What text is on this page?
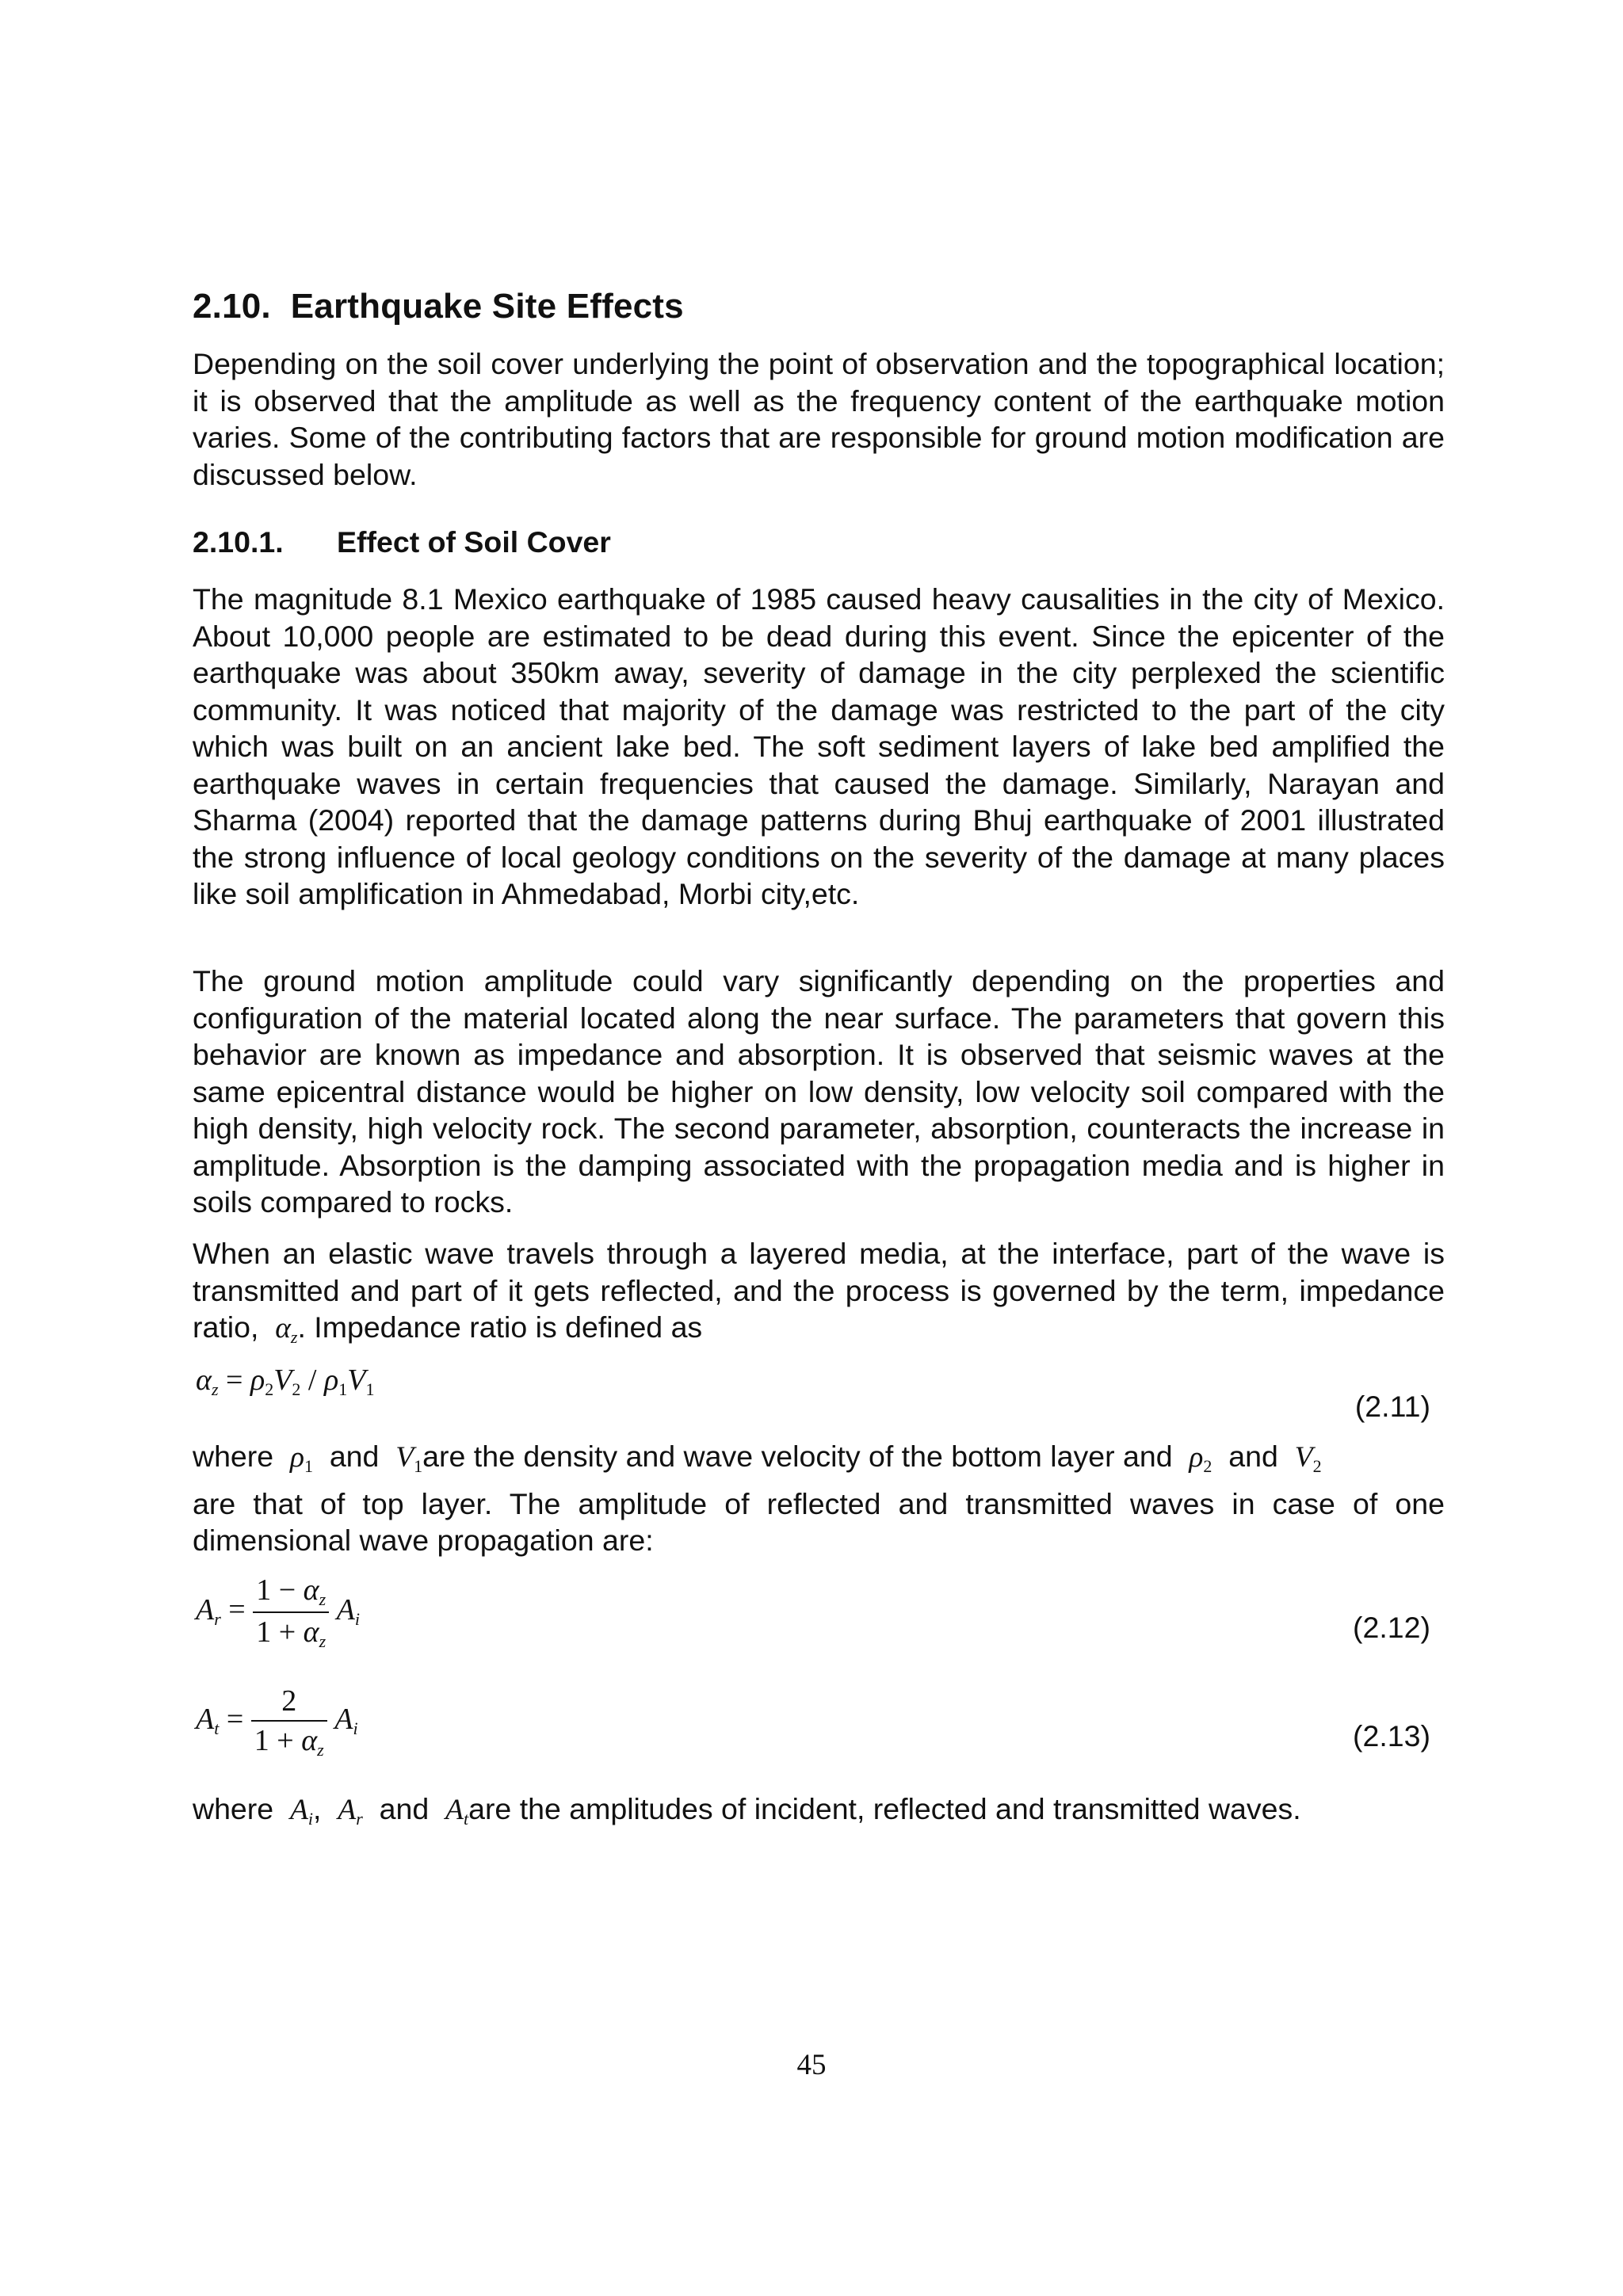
2.10. Earthquake Site Effects

Depending on the soil cover underlying the point of observation and the topographical location; it is observed that the amplitude as well as the frequency content of the earthquake motion varies. Some of the contributing factors that are responsible for ground motion modification are discussed below.

2.10.1. Effect of Soil Cover

The magnitude 8.1 Mexico earthquake of 1985 caused heavy causalities in the city of Mexico. About 10,000 people are estimated to be dead during this event. Since the epicenter of the earthquake was about 350km away, severity of damage in the city perplexed the scientific community. It was noticed that majority of the damage was restricted to the part of the city which was built on an ancient lake bed. The soft sediment layers of lake bed amplified the earthquake waves in certain frequencies that caused the damage. Similarly, Narayan and Sharma (2004) reported that the damage patterns during Bhuj earthquake of 2001 illustrated the strong influence of local geology conditions on the severity of the damage at many places like soil amplification in Ahmedabad, Morbi city,etc.

The ground motion amplitude could vary significantly depending on the properties and configuration of the material located along the near surface. The parameters that govern this behavior are known as impedance and absorption. It is observed that seismic waves at the same epicentral distance would be higher on low density, low velocity soil compared with the high density, high velocity rock. The second parameter, absorption, counteracts the increase in amplitude. Absorption is the damping associated with the propagation media and is higher in soils compared to rocks.

When an elastic wave travels through a layered media, at the interface, part of the wave is transmitted and part of it gets reflected, and the process is governed by the term, impedance ratio, αz. Impedance ratio is defined as

αz = ρ2V2 / ρ1V1
(2.11)
where ρ1 and V1are the density and wave velocity of the bottom layer and ρ2 and V2
are that of top layer. The amplitude of reflected and transmitted waves in case of one dimensional wave propagation are:
$Ar = \frac{1 - \alpha z}{1 + \alpha z}$ Ai	(2.12)
$At = \frac{2}{1 + \alpha z}$ Ai	(2.13)
where Ai, Ar and Atare the amplitudes of incident, reflected and transmitted waves.
45
